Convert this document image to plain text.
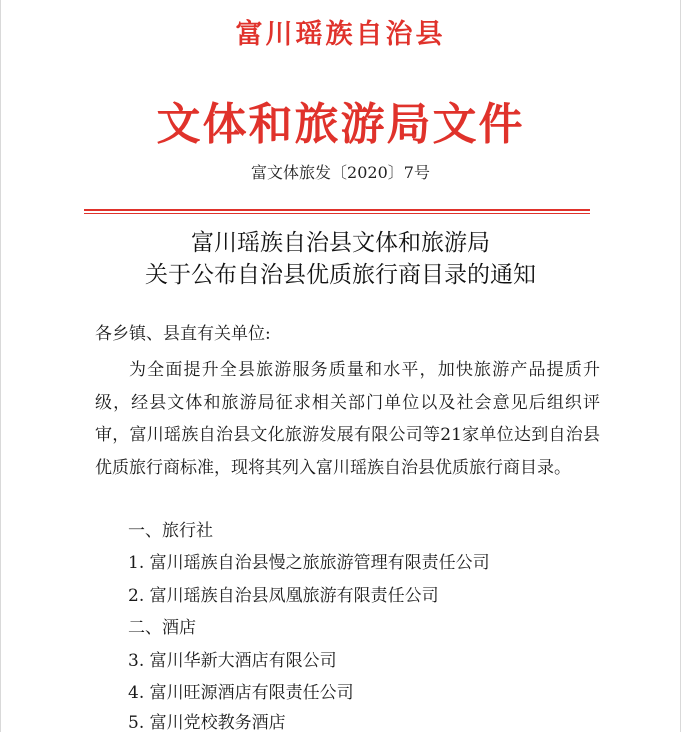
富川瑶族自治县
文体和旅游局文件
富文体旅发〔2020〕7号
富川瑶族自治县文体和旅游局
关于公布自治县优质旅行商目录的通知
各乡镇、县直有关单位:
为全面提升全县旅游服务质量和水平，加快旅游产品提质升级，经县文体和旅游局征求相关部门单位以及社会意见后组织评审，富川瑶族自治县文化旅游发展有限公司等21家单位达到自治县优质旅行商标准，现将其列入富川瑶族自治县优质旅行商目录。
一、旅行社
1. 富川瑶族自治县慢之旅旅游管理有限责任公司
2. 富川瑶族自治县凤凰旅游有限责任公司
二、酒店
3. 富川华新大酒店有限公司
4. 富川旺源酒店有限责任公司
5. 富川党校教务酒店
